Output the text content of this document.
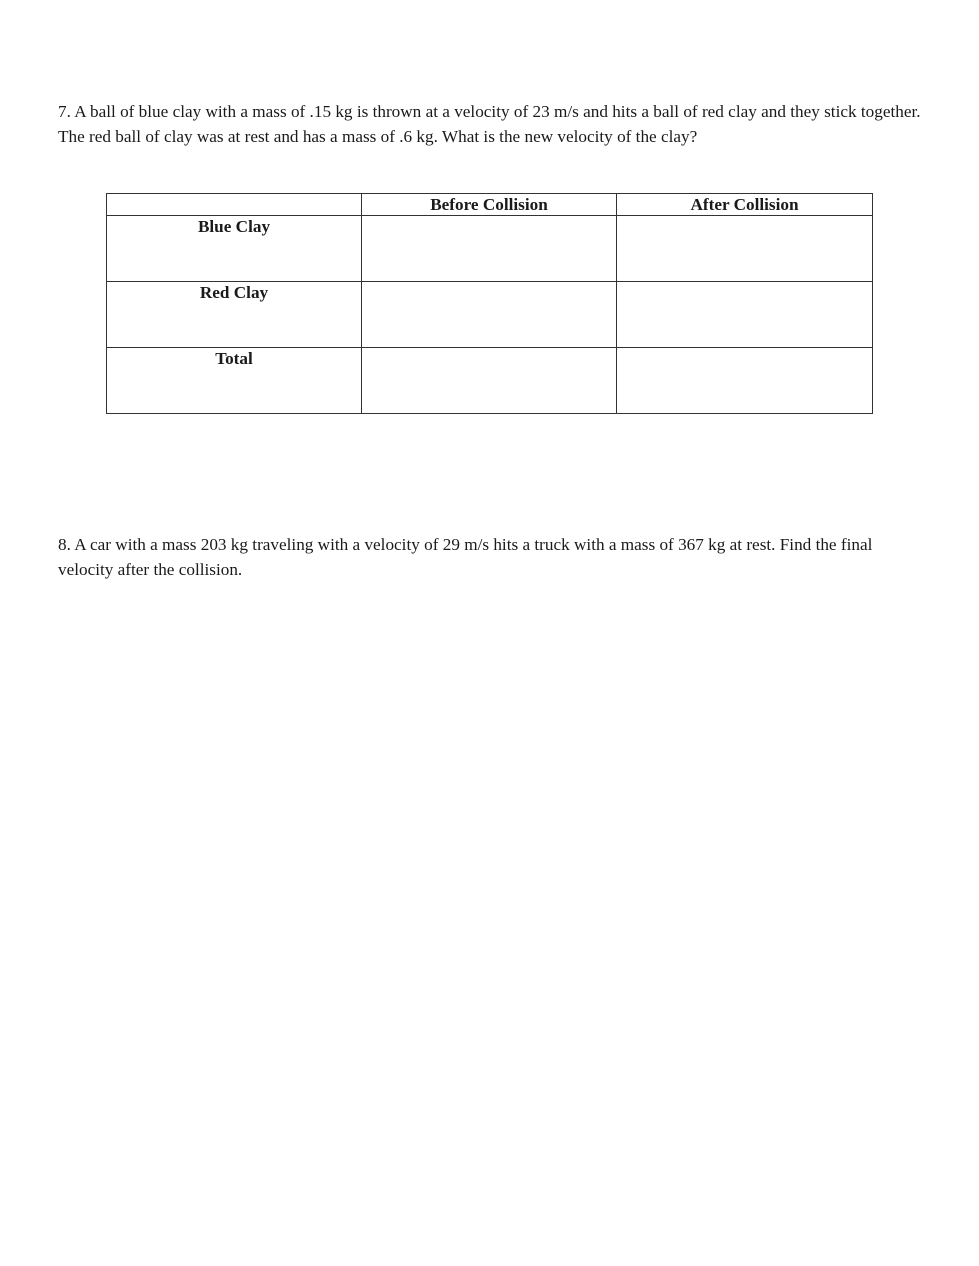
7. A ball of blue clay with a mass of .15 kg is thrown at a velocity of 23 m/s and hits a ball of red clay and they stick together. The red ball of clay was at rest and has a mass of .6 kg. What is the new velocity of the clay?

	Before Collision	After Collision
Blue Clay		
Red Clay		
Total		

8. A car with a mass 203 kg traveling with a velocity of 29 m/s hits a truck with a mass of 367 kg at rest. Find the final velocity after the collision.
